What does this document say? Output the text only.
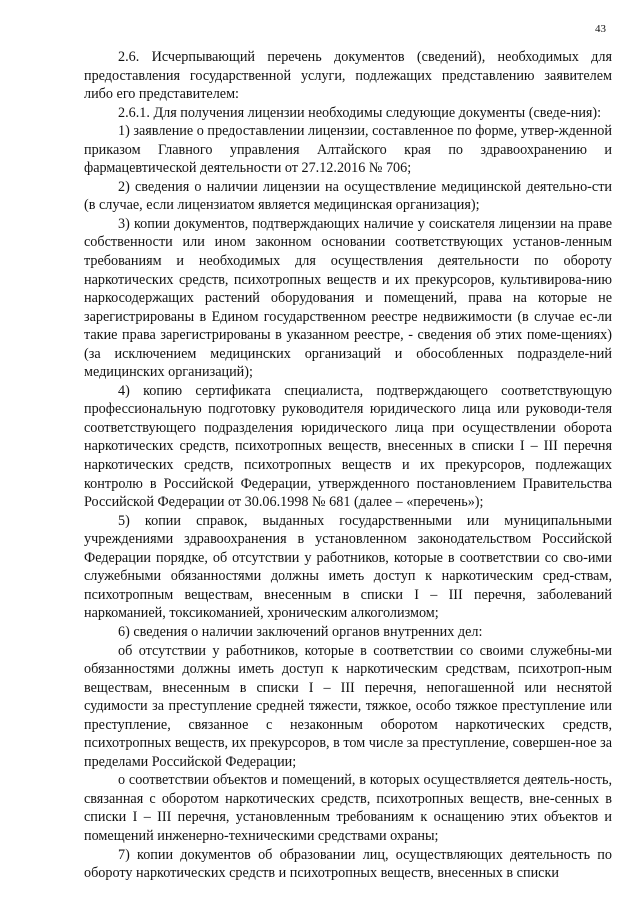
43

2.6. Исчерпывающий перечень документов (сведений), необходимых для предоставления государственной услуги, подлежащих представлению заявителем либо его представителем:

2.6.1. Для получения лицензии необходимы следующие документы (сведе-ния):

1) заявление о предоставлении лицензии, составленное по форме, утвер-жденной приказом Главного управления Алтайского края по здравоохранению и фармацевтической деятельности от 27.12.2016 № 706;

2) сведения о наличии лицензии на осуществление медицинской деятельно-сти (в случае, если лицензиатом является медицинская организация);

3) копии документов, подтверждающих наличие у соискателя лицензии на праве собственности или ином законном основании соответствующих установ-ленным требованиям и необходимых для осуществления деятельности по обороту наркотических средств, психотропных веществ и их прекурсоров, культивирова-нию наркосодержащих растений оборудования и помещений, права на которые не зарегистрированы в Едином государственном реестре недвижимости (в случае ес-ли такие права зарегистрированы в указанном реестре, - сведения об этих поме-щениях) (за исключением медицинских организаций и обособленных подразделе-ний медицинских организаций);

4) копию сертификата специалиста, подтверждающего соответствующую профессиональную подготовку руководителя юридического лица или руководи-теля соответствующего подразделения юридического лица при осуществлении оборота наркотических средств, психотропных веществ, внесенных в списки I – III перечня наркотических средств, психотропных веществ и их прекурсоров, подлежащих контролю в Российской Федерации, утвержденного постановлением Правительства Российской Федерации от 30.06.1998 № 681 (далее – «перечень»);

5) копии справок, выданных государственными или муниципальными учреждениями здравоохранения в установленном законодательством Российской Федерации порядке, об отсутствии у работников, которые в соответствии со сво-ими служебными обязанностями должны иметь доступ к наркотическим сред-ствам, психотропным веществам, внесенным в списки I – III перечня, заболеваний наркоманией, токсикоманией, хроническим алкоголизмом;

6) сведения о наличии заключений органов внутренних дел:

об отсутствии у работников, которые в соответствии со своими служебны-ми обязанностями должны иметь доступ к наркотическим средствам, психотроп-ным веществам, внесенным в списки I – III перечня, непогашенной или неснятой судимости за преступление средней тяжести, тяжкое, особо тяжкое преступление или преступление, связанное с незаконным оборотом наркотических средств, психотропных веществ, их прекурсоров, в том числе за преступление, совершен-ное за пределами Российской Федерации;

о соответствии объектов и помещений, в которых осуществляется деятель-ность, связанная с оборотом наркотических средств, психотропных веществ, вне-сенных в списки I – III перечня, установленным требованиям к оснащению этих объектов и помещений инженерно-техническими средствами охраны;

7) копии документов об образовании лиц, осуществляющих деятельность по обороту наркотических средств и психотропных веществ, внесенных в списки
